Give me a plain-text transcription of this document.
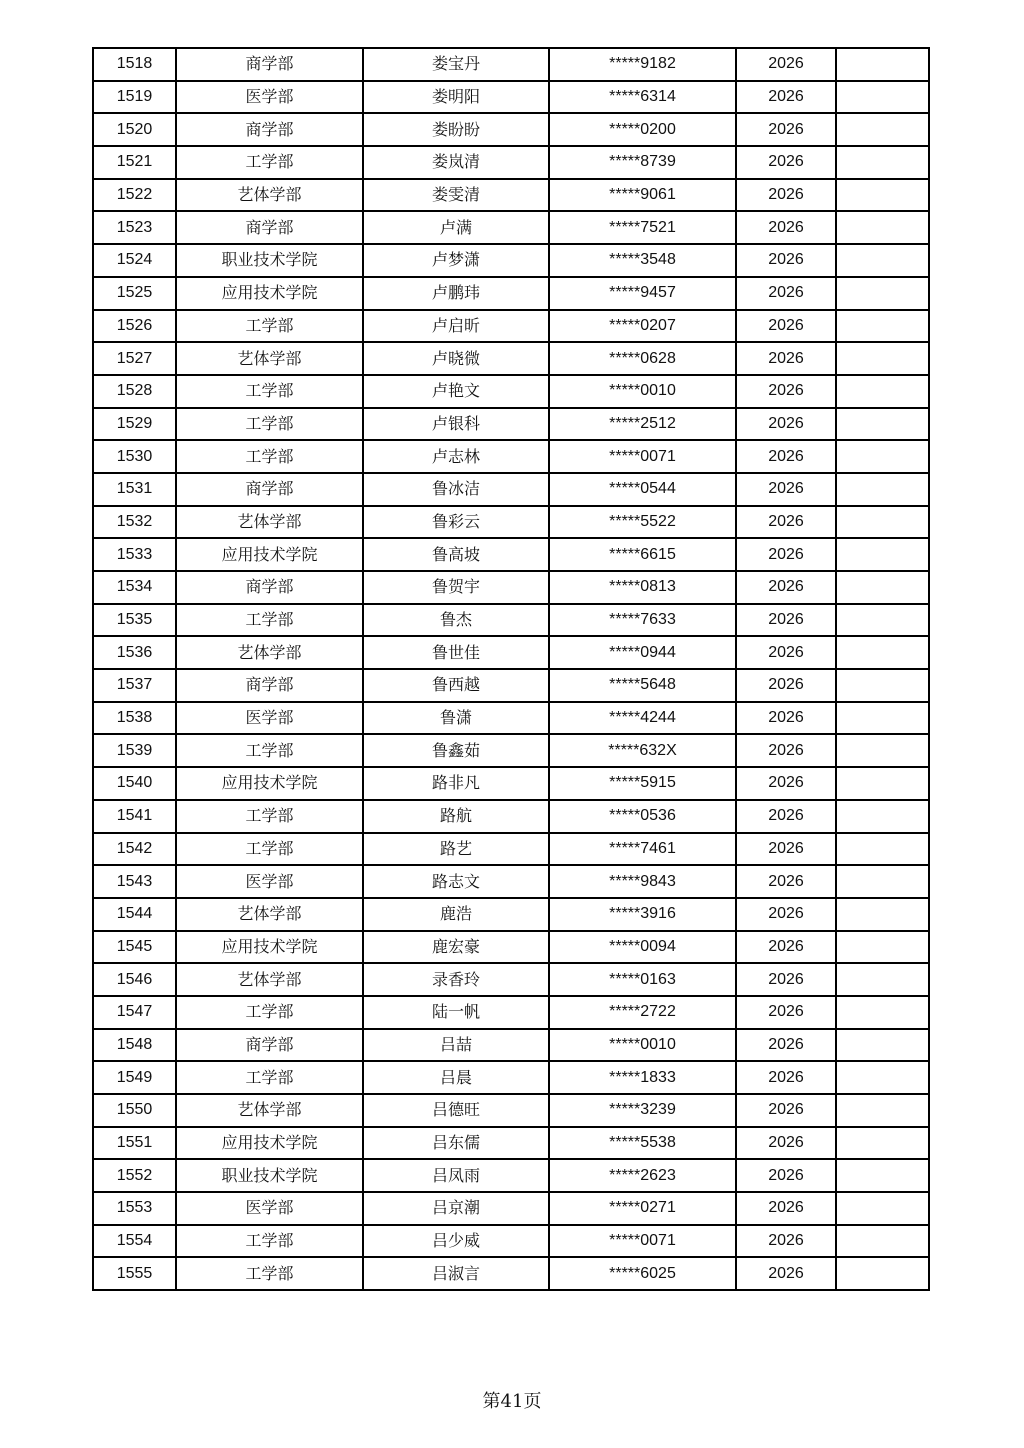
1518	商学部	娄宝丹	*****9182	2026	
1519	医学部	娄明阳	*****6314	2026	
1520	商学部	娄盼盼	*****0200	2026	
1521	工学部	娄岚清	*****8739	2026	
1522	艺体学部	娄雯清	*****9061	2026	
1523	商学部	卢满	*****7521	2026	
1524	职业技术学院	卢梦潇	*****3548	2026	
1525	应用技术学院	卢鹏玮	*****9457	2026	
1526	工学部	卢启昕	*****0207	2026	
1527	艺体学部	卢晓微	*****0628	2026	
1528	工学部	卢艳文	*****0010	2026	
1529	工学部	卢银科	*****2512	2026	
1530	工学部	卢志林	*****0071	2026	
1531	商学部	鲁冰洁	*****0544	2026	
1532	艺体学部	鲁彩云	*****5522	2026	
1533	应用技术学院	鲁高坡	*****6615	2026	
1534	商学部	鲁贺宇	*****0813	2026	
1535	工学部	鲁杰	*****7633	2026	
1536	艺体学部	鲁世佳	*****0944	2026	
1537	商学部	鲁西越	*****5648	2026	
1538	医学部	鲁潇	*****4244	2026	
1539	工学部	鲁鑫茹	*****632X	2026	
1540	应用技术学院	路非凡	*****5915	2026	
1541	工学部	路航	*****0536	2026	
1542	工学部	路艺	*****7461	2026	
1543	医学部	路志文	*****9843	2026	
1544	艺体学部	鹿浩	*****3916	2026	
1545	应用技术学院	鹿宏豪	*****0094	2026	
1546	艺体学部	录香玲	*****0163	2026	
1547	工学部	陆一帆	*****2722	2026	
1548	商学部	吕喆	*****0010	2026	
1549	工学部	吕晨	*****1833	2026	
1550	艺体学部	吕德旺	*****3239	2026	
1551	应用技术学院	吕东儒	*****5538	2026	
1552	职业技术学院	吕凤雨	*****2623	2026	
1553	医学部	吕京潮	*****0271	2026	
1554	工学部	吕少威	*****0071	2026	
1555	工学部	吕淑言	*****6025	2026	
第41页
